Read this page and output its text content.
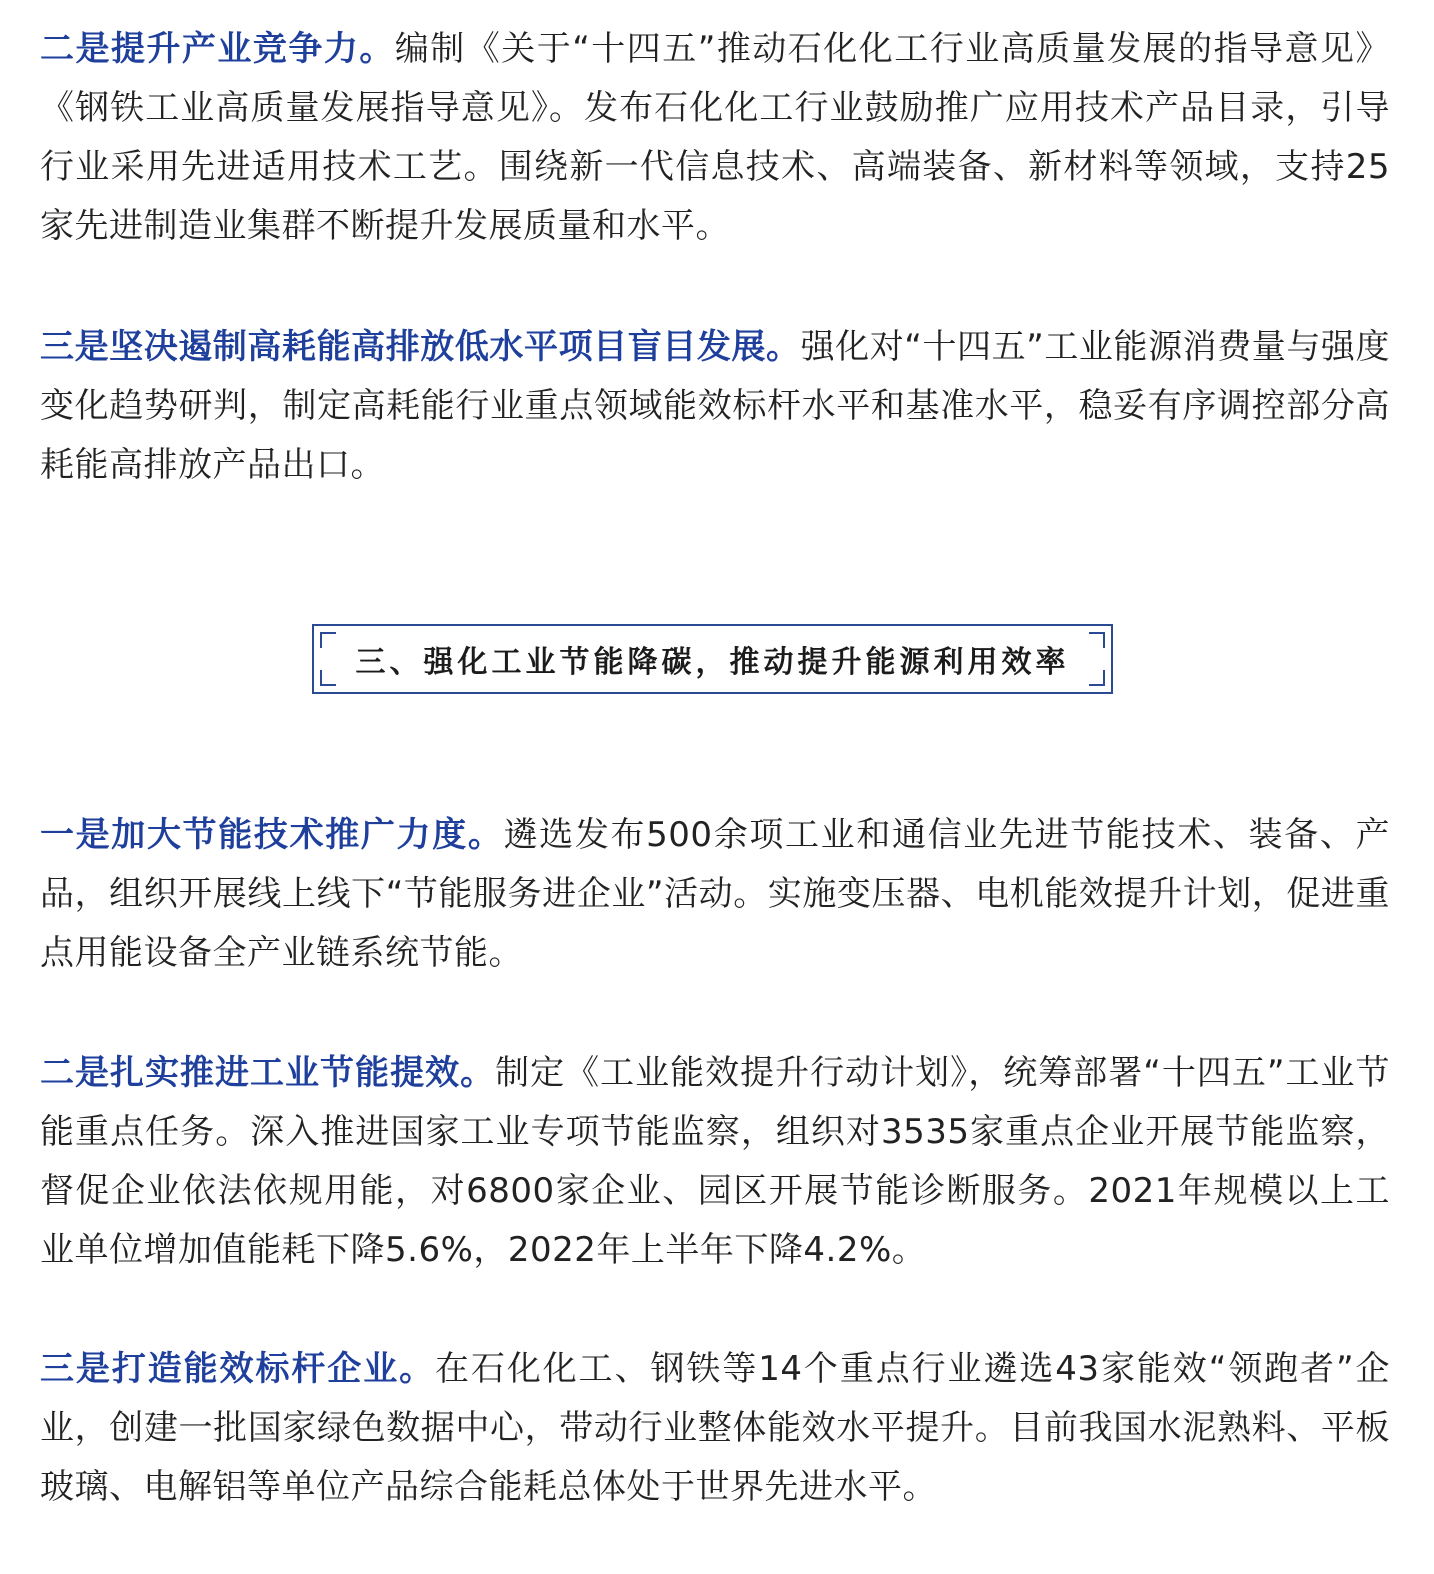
二是提升产业竞争力。编制《关于“十四五”推动石化化工行业高质量发展的指导意见》《钢铁工业高质量发展指导意见》。发布石化化工行业鼓励推广应用技术产品目录，引导行业采用先进适用技术工艺。围绕新一代信息技术、高端装备、新材料等领域，支持25家先进制造业集群不断提升发展质量和水平。

三是坚决遏制高耗能高排放低水平项目盲目发展。强化对“十四五”工业能源消费量与强度变化趋势研判，制定高耗能行业重点领域能效标杆水平和基准水平，稳妥有序调控部分高耗能高排放产品出口。

三、强化工业节能降碳，推动提升能源利用效率

一是加大节能技术推广力度。遴选发布500余项工业和通信业先进节能技术、装备、产品，组织开展线上线下“节能服务进企业”活动。实施变压器、电机能效提升计划，促进重点用能设备全产业链系统节能。

二是扎实推进工业节能提效。制定《工业能效提升行动计划》，统筹部署“十四五”工业节能重点任务。深入推进国家工业专项节能监察，组织对3535家重点企业开展节能监察，督促企业依法依规用能，对6800家企业、园区开展节能诊断服务。2021年规模以上工业单位增加值能耗下降5.6%，2022年上半年下降4.2%。

三是打造能效标杆企业。在石化化工、钢铁等14个重点行业遴选43家能效“领跑者”企业，创建一批国家绿色数据中心，带动行业整体能效水平提升。目前我国水泥熟料、平板玻璃、电解铝等单位产品综合能耗总体处于世界先进水平。
